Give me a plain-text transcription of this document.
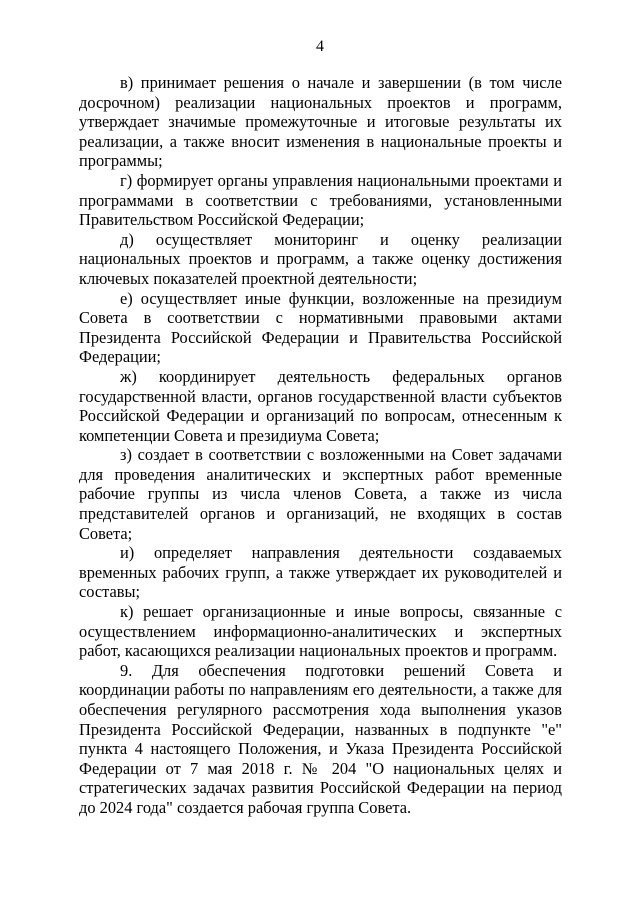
4

в) принимает решения о начале и завершении (в том числе досрочном) реализации национальных проектов и программ, утверждает значимые промежуточные и итоговые результаты их реализации, а также вносит изменения в национальные проекты и программы;

г) формирует органы управления национальными проектами и программами в соответствии с требованиями, установленными Правительством Российской Федерации;

д) осуществляет мониторинг и оценку реализации национальных проектов и программ, а также оценку достижения ключевых показателей проектной деятельности;

е) осуществляет иные функции, возложенные на президиум Совета в соответствии с нормативными правовыми актами Президента Российской Федерации и Правительства Российской Федерации;

ж) координирует деятельность федеральных органов государственной власти, органов государственной власти субъектов Российской Федерации и организаций по вопросам, отнесенным к компетенции Совета и президиума Совета;

з) создает в соответствии с возложенными на Совет задачами для проведения аналитических и экспертных работ временные рабочие группы из числа членов Совета, а также из числа представителей органов и организаций, не входящих в состав Совета;

и) определяет направления деятельности создаваемых временных рабочих групп, а также утверждает их руководителей и составы;

к) решает организационные и иные вопросы, связанные с осуществлением информационно-аналитических и экспертных работ, касающихся реализации национальных проектов и программ.

9. Для обеспечения подготовки решений Совета и координации работы по направлениям его деятельности, а также для обеспечения регулярного рассмотрения хода выполнения указов Президента Российской Федерации, названных в подпункте "е" пункта 4 настоящего Положения, и Указа Президента Российской Федерации от 7 мая 2018 г. № 204 "О национальных целях и стратегических задачах развития Российской Федерации на период до 2024 года" создается рабочая группа Совета.
